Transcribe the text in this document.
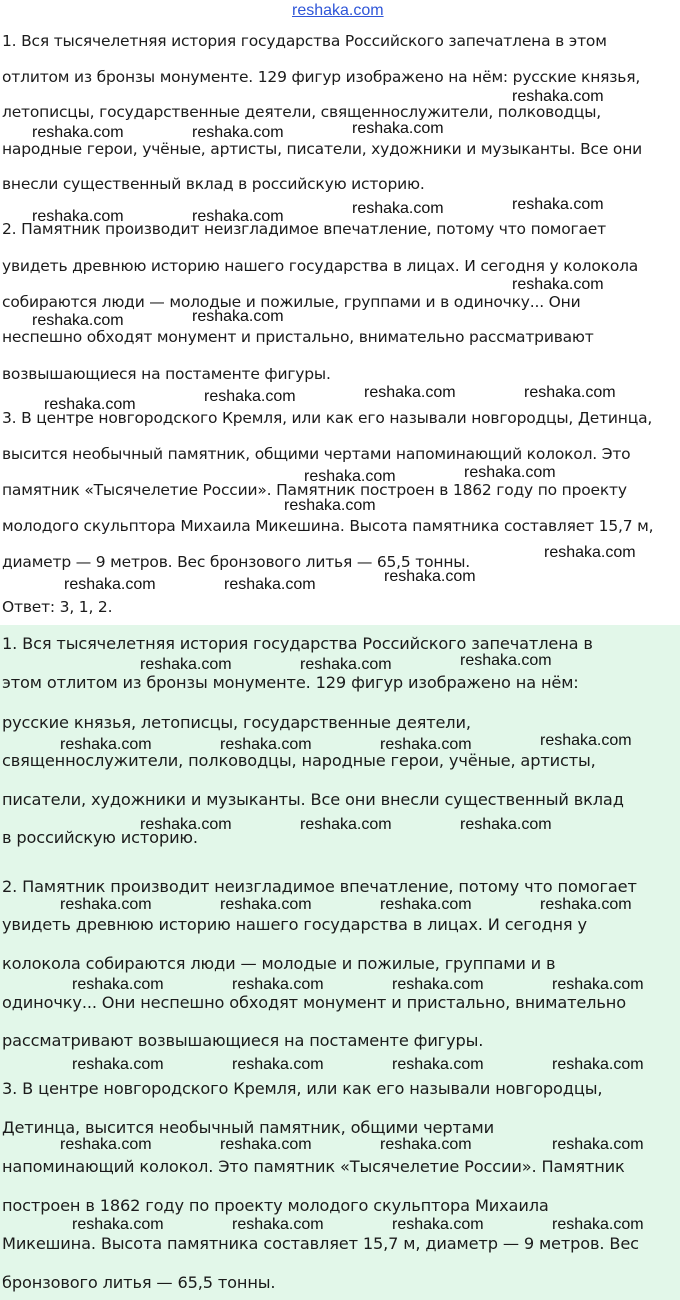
reshaka.com
1. Вся тысячелетняя история государства Российского запечатлена в этом
отлитом из бронзы монументе. 129 фигур изображено на нём: русские князья,
летописцы, государственные деятели, священнослужители, полководцы,
народные герои, учёные, артисты, писатели, художники и музыканты. Все они
внесли существенный вклад в российскую историю.
2. Памятник производит неизгладимое впечатление, потому что помогает
увидеть древнюю историю нашего государства в лицах. И сегодня у колокола
собираются люди — молодые и пожилые, группами и в одиночку... Они
неспешно обходят монумент и пристально, внимательно рассматривают
возвышающиеся на постаменте фигуры.
3. В центре новгородского Кремля, или как его называли новгородцы, Детинца,
высится необычный памятник, общими чертами напоминающий колокол. Это
памятник «Тысячелетие России». Памятник построен в 1862 году по проекту
молодого скульптора Михаила Микешина. Высота памятника составляет 15,7 м,
диаметр — 9 метров. Вес бронзового литья — 65,5 тонны.
Ответ: 3, 1, 2.
1. Вся тысячелетняя история государства Российского запечатлена в
этом отлитом из бронзы монументе. 129 фигур изображено на нём:
русские князья, летописцы, государственные деятели,
священнослужители, полководцы, народные герои, учёные, артисты,
писатели, художники и музыканты. Все они внесли существенный вклад
в российскую историю.
2. Памятник производит неизгладимое впечатление, потому что помогает
увидеть древнюю историю нашего государства в лицах. И сегодня у
колокола собираются люди — молодые и пожилые, группами и в
одиночку... Они неспешно обходят монумент и пристально, внимательно
рассматривают возвышающиеся на постаменте фигуры.
3. В центре новгородского Кремля, или как его называли новгородцы,
Детинца, высится необычный памятник, общими чертами
напоминающий колокол. Это памятник «Тысячелетие России». Памятник
построен в 1862 году по проекту молодого скульптора Михаила
Микешина. Высота памятника составляет 15,7 м, диаметр — 9 метров. Вес
бронзового литья — 65,5 тонны.
reshaka.com
reshaka.com	reshaka.com	reshaka.com
reshaka.com	reshaka.com	reshaka.com	reshaka.com
reshaka.com
reshaka.com
reshaka.com
reshaka.com	reshaka.com	reshaka.com
reshaka.com
reshaka.com
reshaka.com
reshaka.com
reshaka.com
reshaka.com
reshaka.com	reshaka.com
reshaka.com
reshaka.com	reshaka.com
reshaka.com
reshaka.com	reshaka.com	reshaka.com
reshaka.com	reshaka.com	reshaka.com
reshaka.com	reshaka.com	reshaka.com	reshaka.com
reshaka.com	reshaka.com	reshaka.com	reshaka.com
reshaka.com	reshaka.com	reshaka.com	reshaka.com
reshaka.com	reshaka.com	reshaka.com	reshaka.com
reshaka.com	reshaka.com	reshaka.com	reshaka.com
